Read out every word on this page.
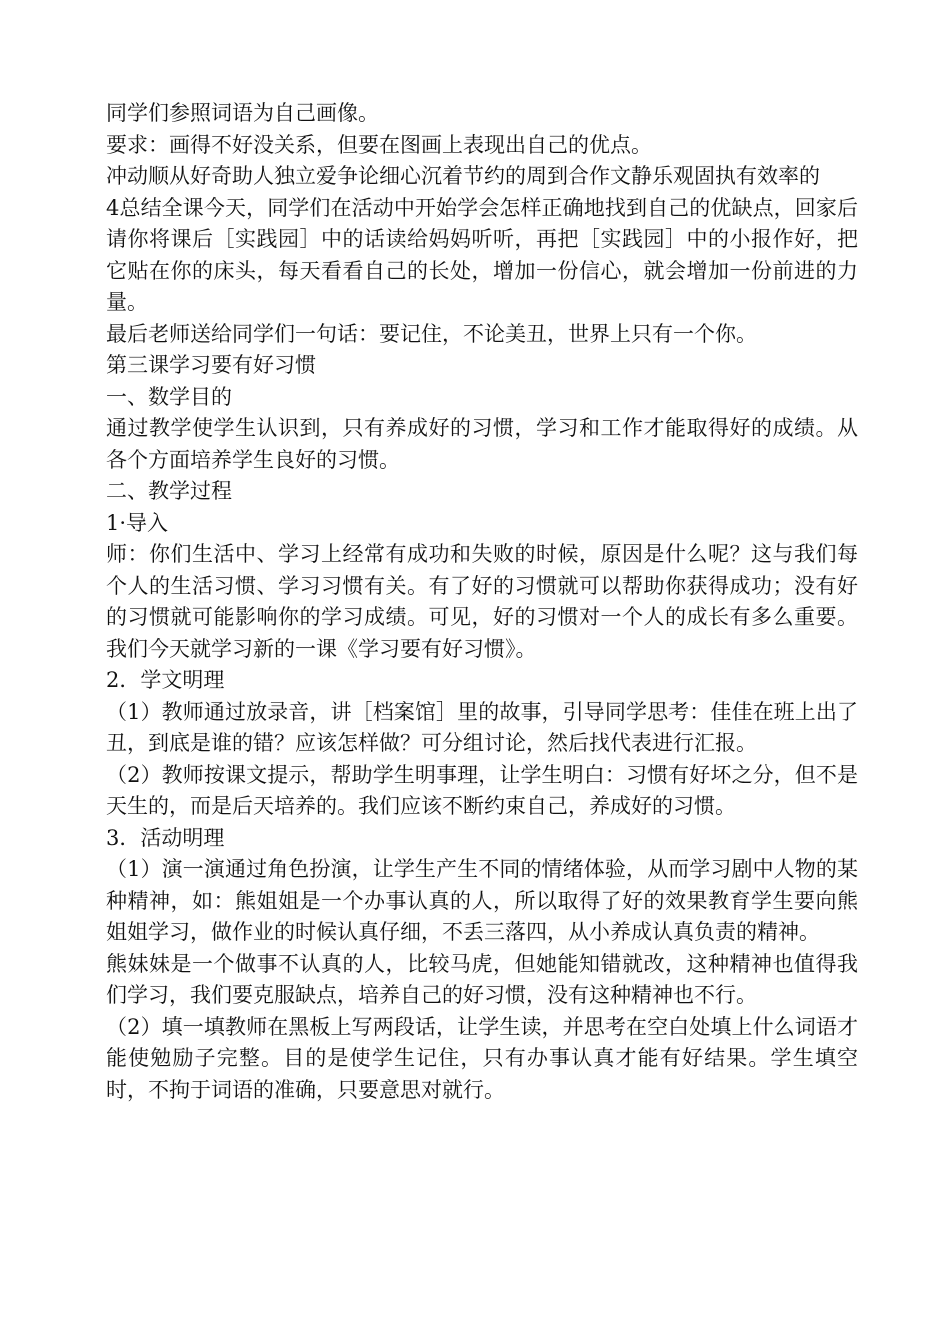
同学们参照词语为自己画像。

要求：画得不好没关系，但要在图画上表现出自己的优点。

冲动顺从好奇助人独立爱争论细心沉着节约的周到合作文静乐观固执有效率的

4总结全课今天，同学们在活动中开始学会怎样正确地找到自己的优缺点，回家后请你将课后［实践园］中的话读给妈妈听听，再把［实践园］中的小报作好，把它贴在你的床头，每天看看自己的长处，增加一份信心，就会增加一份前进的力量。

最后老师送给同学们一句话：要记住，不论美丑，世界上只有一个你。

第三课学习要有好习惯

一、数学目的

通过教学使学生认识到，只有养成好的习惯，学习和工作才能取得好的成绩。从各个方面培养学生良好的习惯。

二、教学过程

1·导入

师：你们生活中、学习上经常有成功和失败的时候，原因是什么呢？这与我们每个人的生活习惯、学习习惯有关。有了好的习惯就可以帮助你获得成功；没有好的习惯就可能影响你的学习成绩。可见，好的习惯对一个人的成长有多么重要。我们今天就学习新的一课《学习要有好习惯》。

2．学文明理

（1）教师通过放录音，讲［档案馆］里的故事，引导同学思考：佳佳在班上出了丑，到底是谁的错？应该怎样做？可分组讨论，然后找代表进行汇报。

（2）教师按课文提示，帮助学生明事理，让学生明白：习惯有好坏之分，但不是天生的，而是后天培养的。我们应该不断约束自己，养成好的习惯。

3．活动明理

（1）演一演通过角色扮演，让学生产生不同的情绪体验，从而学习剧中人物的某种精神，如：熊姐姐是一个办事认真的人，所以取得了好的效果教育学生要向熊姐姐学习，做作业的时候认真仔细，不丢三落四，从小养成认真负责的精神。

熊妹妹是一个做事不认真的人，比较马虎，但她能知错就改，这种精神也值得我们学习，我们要克服缺点，培养自己的好习惯，没有这种精神也不行。

（2）填一填教师在黑板上写两段话，让学生读，并思考在空白处填上什么词语才能使勉励子完整。目的是使学生记住，只有办事认真才能有好结果。学生填空时，不拘于词语的准确，只要意思对就行。
